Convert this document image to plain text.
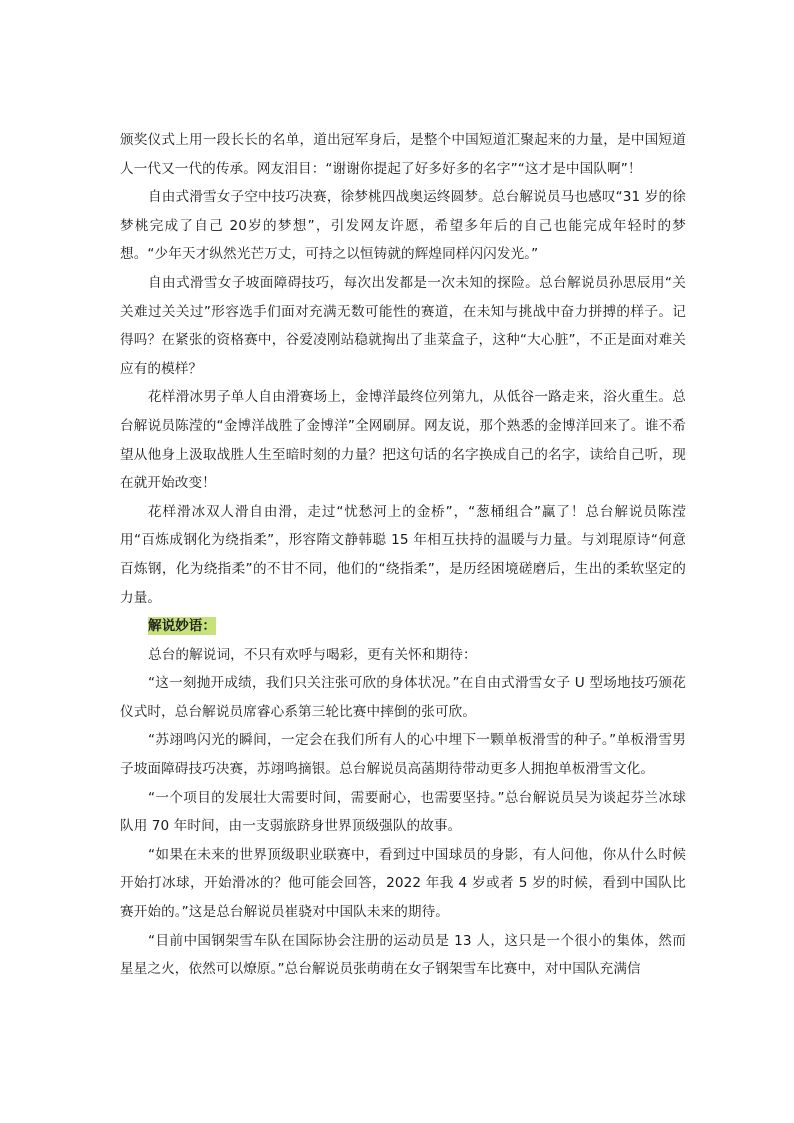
颁奖仪式上用一段长长的名单，道出冠军身后，是整个中国短道汇聚起来的力量，是中国短道人一代又一代的传承。网友泪目：“谢谢你提起了好多好多的名字”“这才是中国队啊”！

自由式滑雪女子空中技巧决赛，徐梦桃四战奥运终圆梦。总台解说员马也感叹“31 岁的徐梦桃完成了自己 20岁的梦想”，引发网友许愿，希望多年后的自己也能完成年轻时的梦想。“少年天才纵然光芒万丈，可持之以恒铸就的辉煌同样闪闪发光。”

自由式滑雪女子坡面障碍技巧，每次出发都是一次未知的探险。总台解说员孙思辰用“关关难过关关过”形容选手们面对充满无数可能性的赛道，在未知与挑战中奋力拼搏的样子。记得吗？在紧张的资格赛中，谷爱凌刚站稳就掏出了韭菜盒子，这种“大心脏”，不正是面对难关应有的模样？

花样滑冰男子单人自由滑赛场上，金博洋最终位列第九，从低谷一路走来，浴火重生。总台解说员陈滢的“金博洋战胜了金博洋”全网刷屏。网友说，那个熟悉的金博洋回来了。谁不希望从他身上汲取战胜人生至暗时刻的力量？把这句话的名字换成自己的名字，读给自己听，现在就开始改变！

花样滑冰双人滑自由滑，走过“忧愁河上的金桥”，“葱桶组合”赢了！总台解说员陈滢用“百炼成钢化为绕指柔”，形容隋文静韩聪 15 年相互扶持的温暖与力量。与刘琨原诗“何意百炼钢，化为绕指柔”的不甘不同，他们的“绕指柔”，是历经困境磋磨后，生出的柔软坚定的力量。

解说妙语：

总台的解说词，不只有欢呼与喝彩，更有关怀和期待：

“这一刻抛开成绩，我们只关注张可欣的身体状况。”在自由式滑雪女子 U 型场地技巧颁花仪式时，总台解说员席睿心系第三轮比赛中摔倒的张可欣。

“苏翊鸣闪光的瞬间，一定会在我们所有人的心中埋下一颗单板滑雪的种子。”单板滑雪男子坡面障碍技巧决赛，苏翊鸣摘银。总台解说员高菡期待带动更多人拥抱单板滑雪文化。

“一个项目的发展壮大需要时间，需要耐心，也需要坚持。”总台解说员吴为谈起芬兰冰球队用 70 年时间，由一支弱旅跻身世界顶级强队的故事。

“如果在未来的世界顶级职业联赛中，看到过中国球员的身影，有人问他，你从什么时候开始打冰球，开始滑冰的？他可能会回答，2022 年我 4 岁或者 5 岁的时候，看到中国队比赛开始的。”这是总台解说员崔骁对中国队未来的期待。

“目前中国钢架雪车队在国际协会注册的运动员是 13 人，这只是一个很小的集体，然而星星之火，依然可以燎原。”总台解说员张萌萌在女子钢架雪车比赛中，对中国队充满信
